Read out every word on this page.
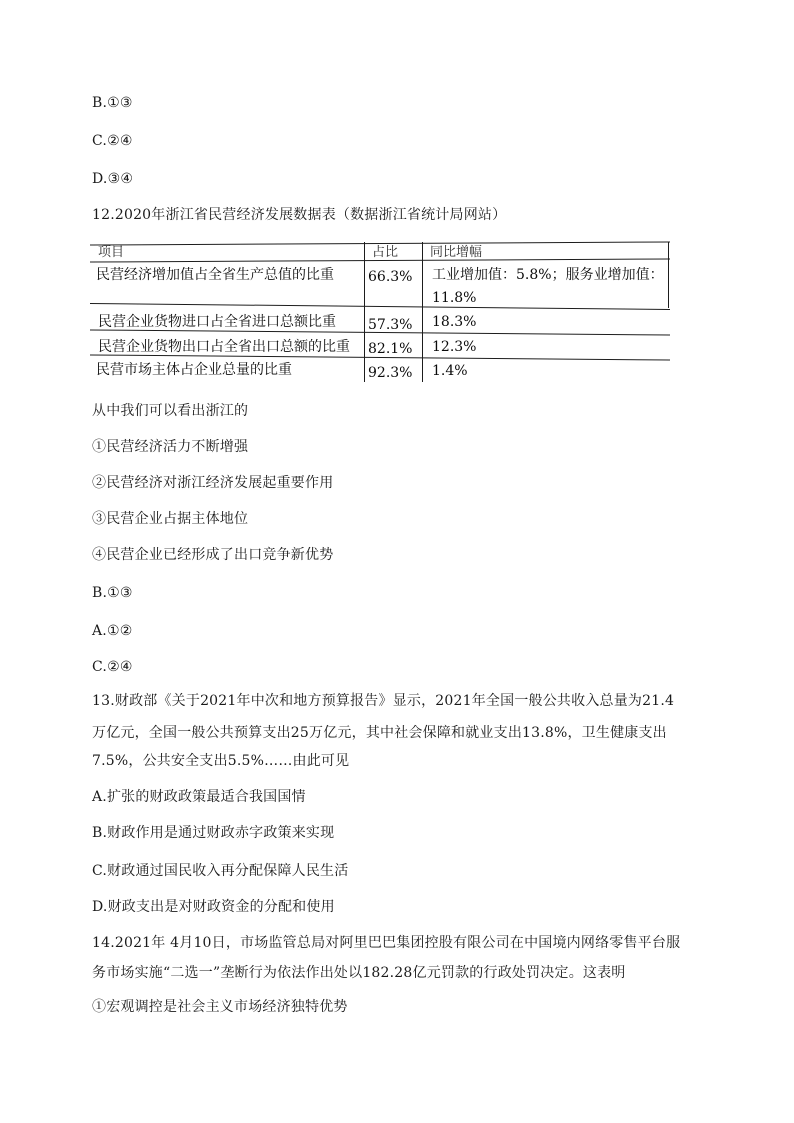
B.①③
C.②④
D.③④
12.2020年浙江省民营经济发展数据表（数据浙江省统计局网站）
项目	占比 同比增幅
民营经济增加值占全省生产总值的比重 66.3% 工业增加值：5.8%；服务业增加值：
11.8%
民营企业货物进口占全省进口总额比重 57.3% 18.3%
民营企业货物出口占全省出口总额的比重 82.1% 12.3%
民营市场主体占企业总量的比重	92.3% 1.4%
从中我们可以看出浙江的
①民营经济活力不断增强
②民营经济对浙江经济发展起重要作用
③民营企业占据主体地位
④民营企业已经形成了出口竞争新优势
B.①③
A.①②
C.②④
13.财政部《关于2021年中次和地方预算报告》显示，2021年全国一般公共收入总量为21.4
万亿元，全国一般公共预算支出25万亿元，其中社会保障和就业支出13.8%，卫生健康支出
7.5%，公共安全支出5.5%……由此可见
A.扩张的财政政策最适合我国国情
B.财政作用是通过财政赤字政策来实现
C.财政通过国民收入再分配保障人民生活
D.财政支出是对财政资金的分配和使用
14.2021年 4月10日，市场监管总局对阿里巴巴集团控股有限公司在中国境内网络零售平台服
务市场实施“二选一”垄断行为依法作出处以182.28亿元罚款的行政处罚决定。这表明
①宏观调控是社会主义市场经济独特优势
